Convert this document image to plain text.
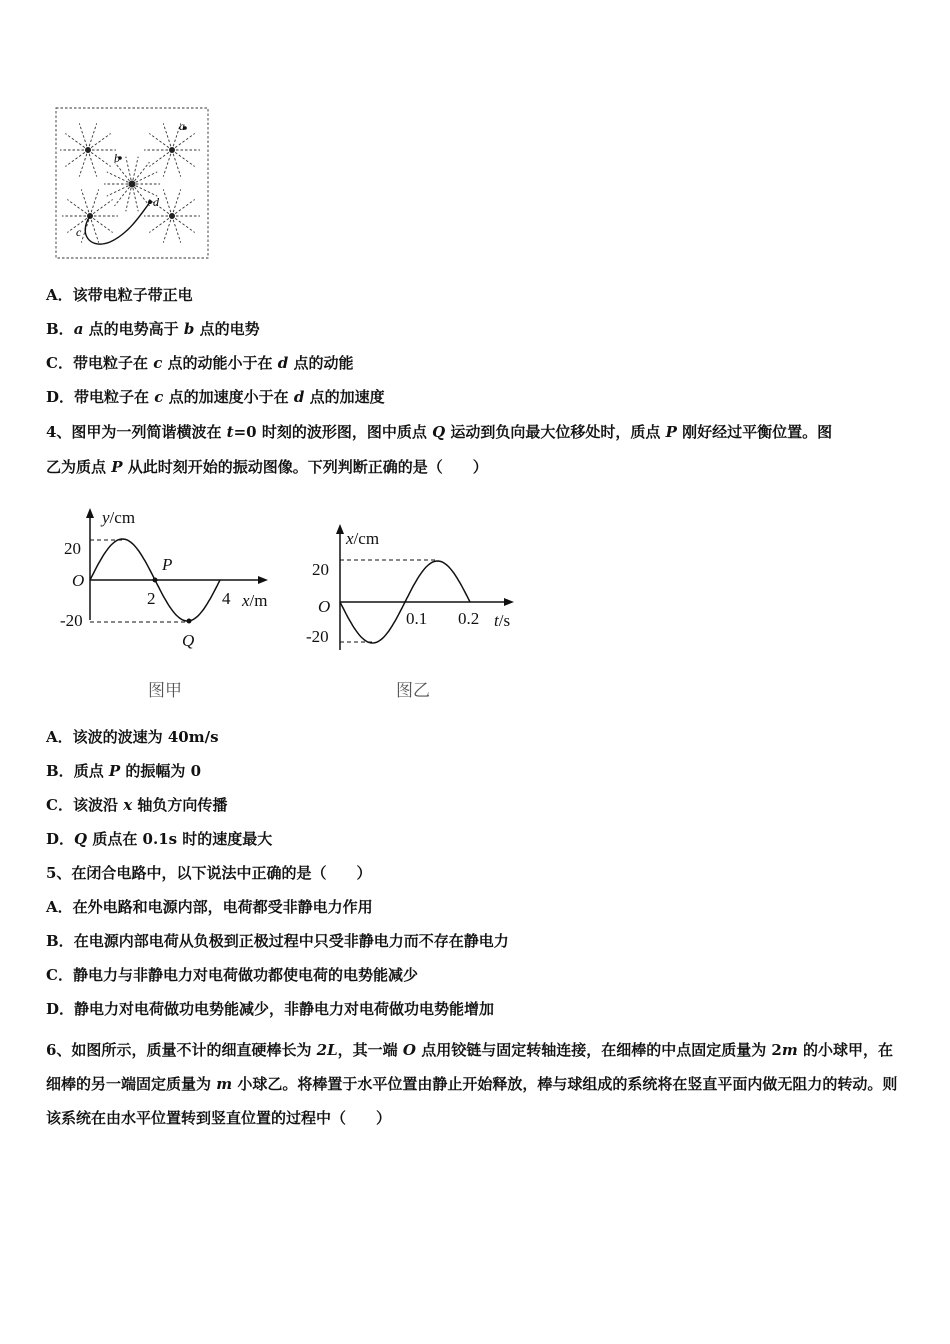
a
b
c
d
A．该带电粒子带正电
B．a 点的电势高于 b 点的电势
C．带电粒子在 c 点的动能小于在 d 点的动能
D．带电粒子在 c 点的加速度小于在 d 点的加速度
4、图甲为一列简谐横波在 t=0 时刻的波形图，图中质点 Q 运动到负向最大位移处时，质点 P 刚好经过平衡位置。图
乙为质点 P 从此时刻开始的振动图像。下列判断正确的是（　　）
y/cm
20
O
-20
2	4
P
Q
x/m
图甲
x/cm
20
O
-20
0.1 0.2 t/s
图乙
A．该波的波速为 40m/s
B．质点 P 的振幅为 0
C．该波沿 x 轴负方向传播
D．Q 质点在 0.1s 时的速度最大
5、在闭合电路中，以下说法中正确的是（　　）
A．在外电路和电源内部，电荷都受非静电力作用
B．在电源内部电荷从负极到正极过程中只受非静电力而不存在静电力
C．静电力与非静电力对电荷做功都使电荷的电势能减少
D．静电力对电荷做功电势能减少，非静电力对电荷做功电势能增加
6、如图所示，质量不计的细直硬棒长为 2L，其一端 O 点用铰链与固定转轴连接，在细棒的中点固定质量为 2m 的小球甲，在细棒的另一端固定质量为 m 小球乙。将棒置于水平位置由静止开始释放，棒与球组成的系统将在竖直平面内做无阻力的转动。则该系统在由水平位置转到竖直位置的过程中（　　）
